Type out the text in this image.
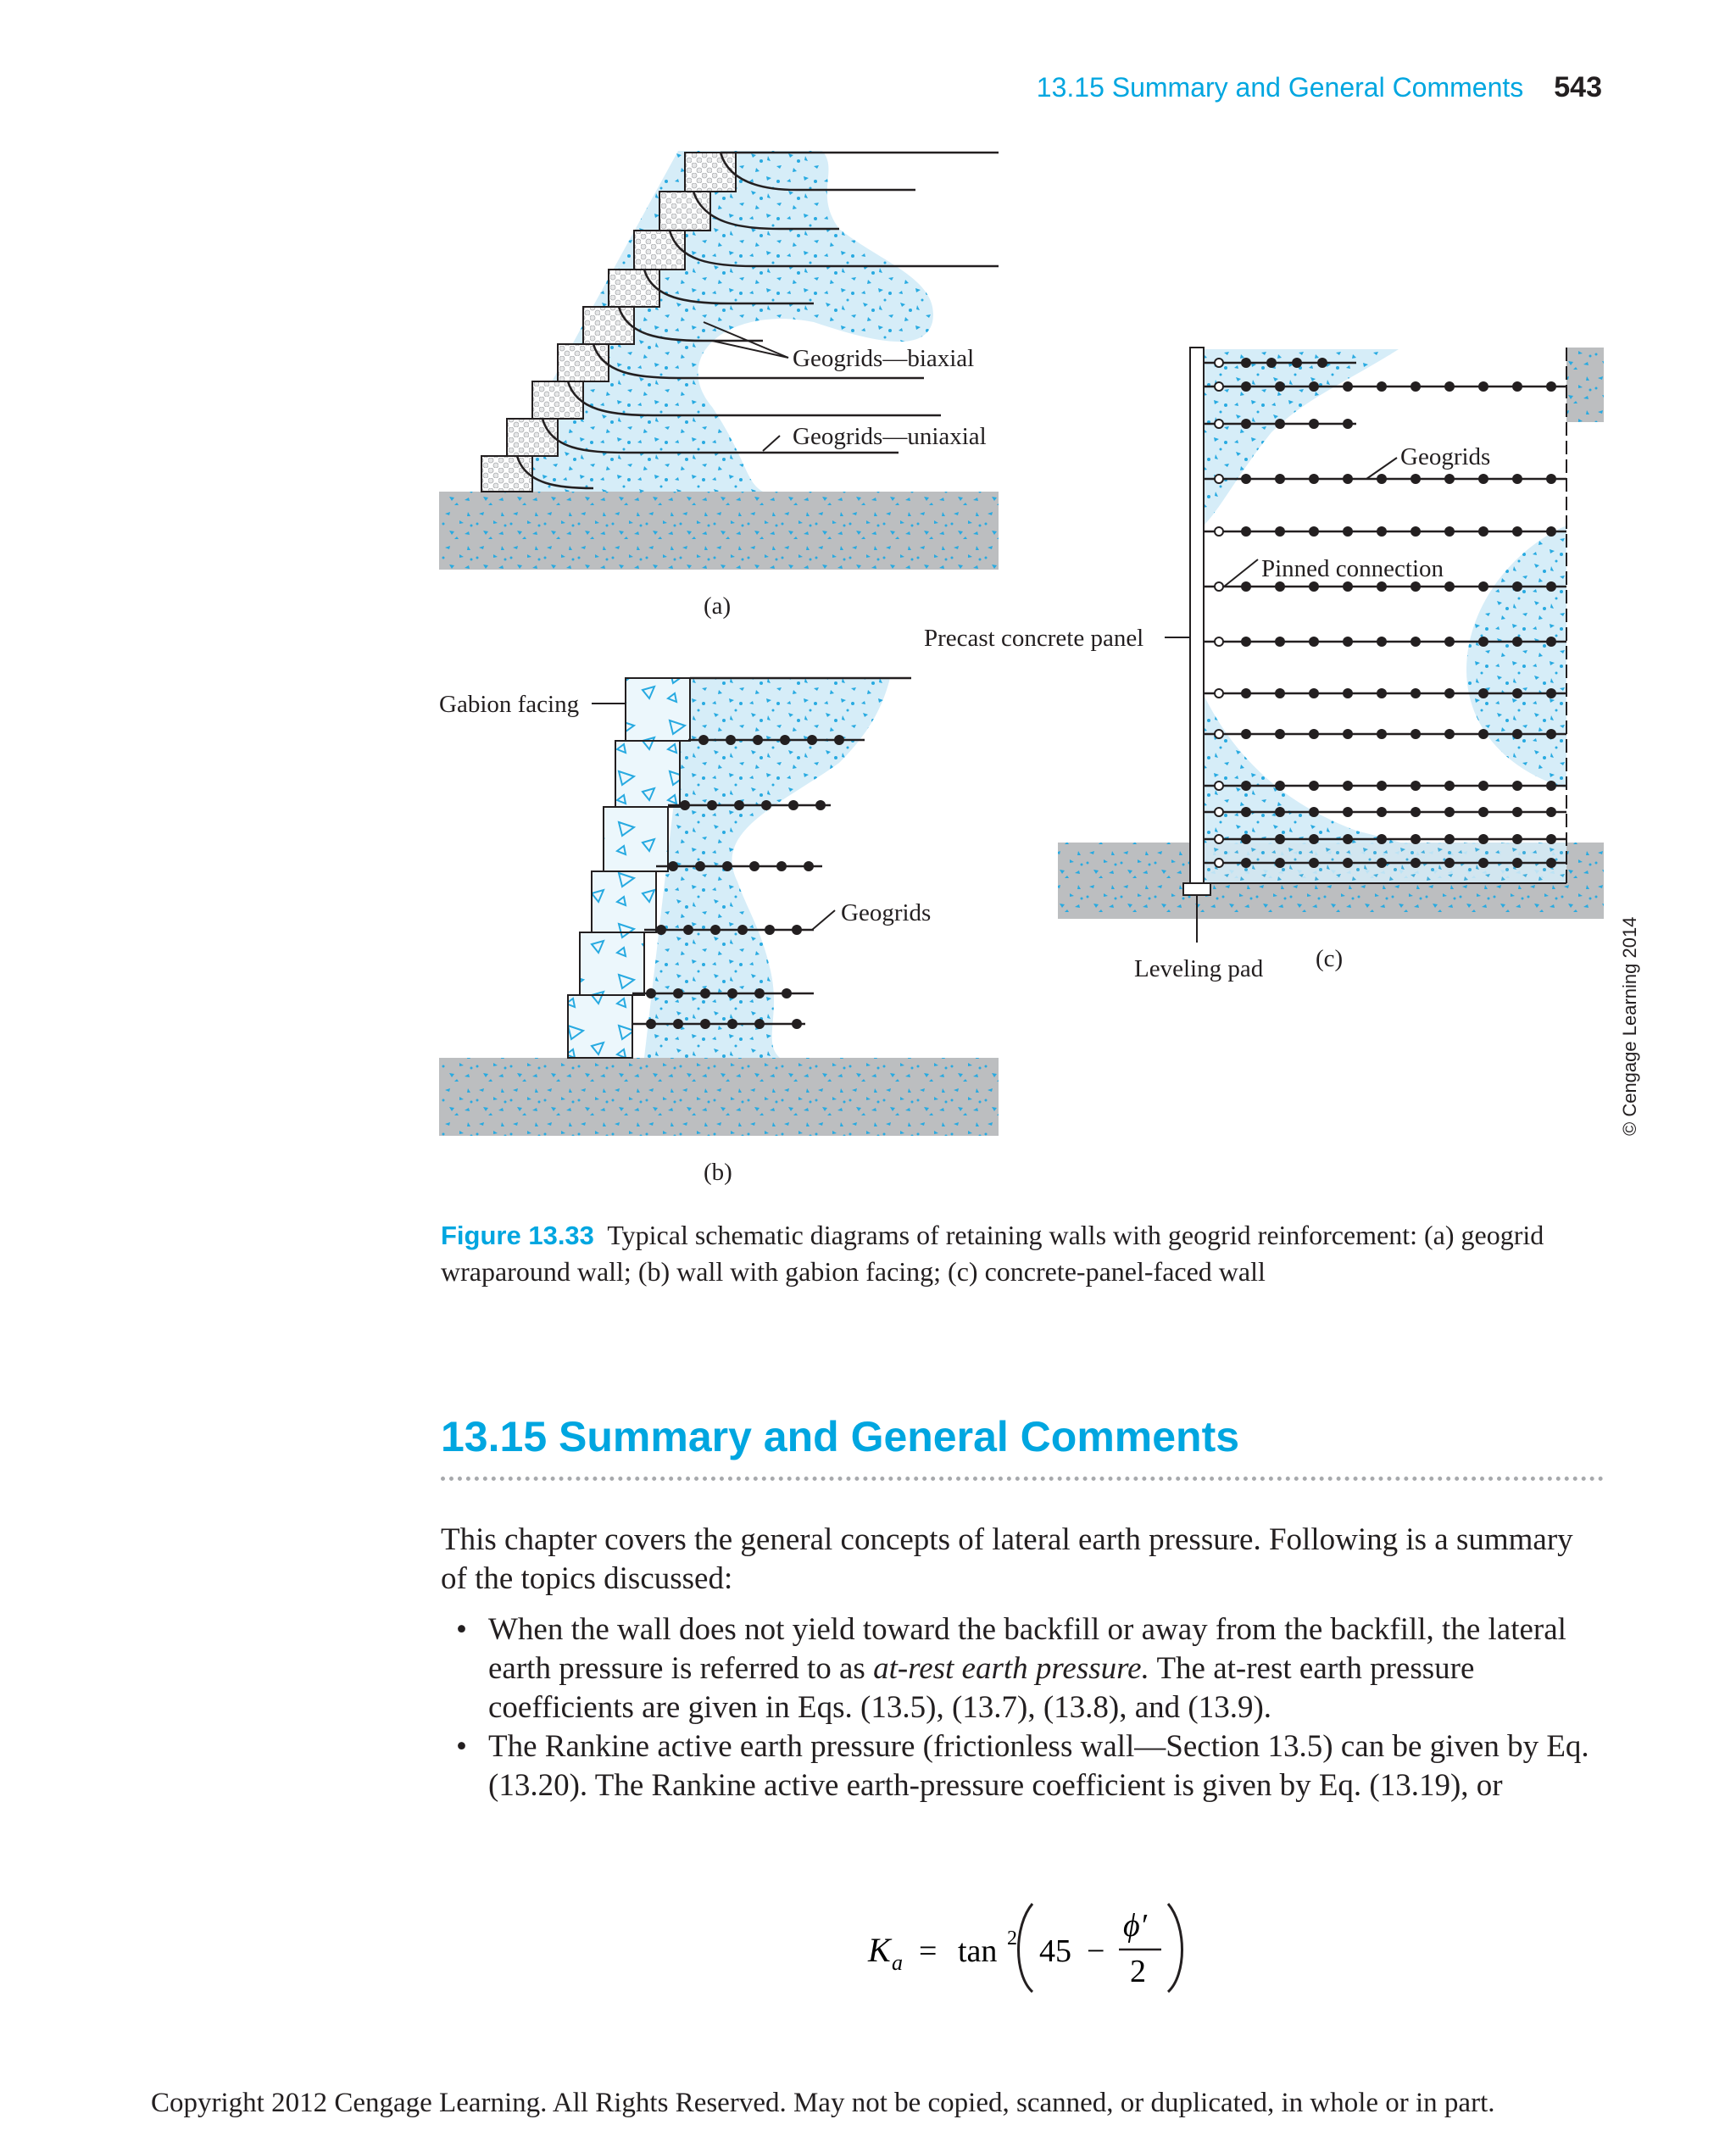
13.15 Summary and General Comments 543
Geogrids—biaxial
Geogrids—uniaxial
(a)
Gabion facing
Geogrids
(b)
Precast concrete panel
Geogrids
Pinned connection
Leveling pad (c)	© Cengage Learning 2014
Figure 13.33 Typical schematic diagrams of retaining walls with geogrid reinforcement: (a) geogrid wraparound wall; (b) wall with gabion facing; (c) concrete-panel-faced wall
13.15 Summary and General Comments
This chapter covers the general concepts of lateral earth pressure. Following is a summary of the topics discussed:
• When the wall does not yield toward the backfill or away from the backfill, the lateral earth pressure is referred to as at-rest earth pressure. The at-rest earth pressure coefficients are given in Eqs. (13.5), (13.7), (13.8), and (13.9).
• The Rankine active earth pressure (frictionless wall—Section 13.5) can be given by Eq. (13.20). The Rankine active earth-pressure coefficient is given by Eq. (13.19), or
K a = tan 2 45 −
ϕ′
2
Copyright 2012 Cengage Learning. All Rights Reserved. May not be copied, scanned, or duplicated, in whole or in part.
